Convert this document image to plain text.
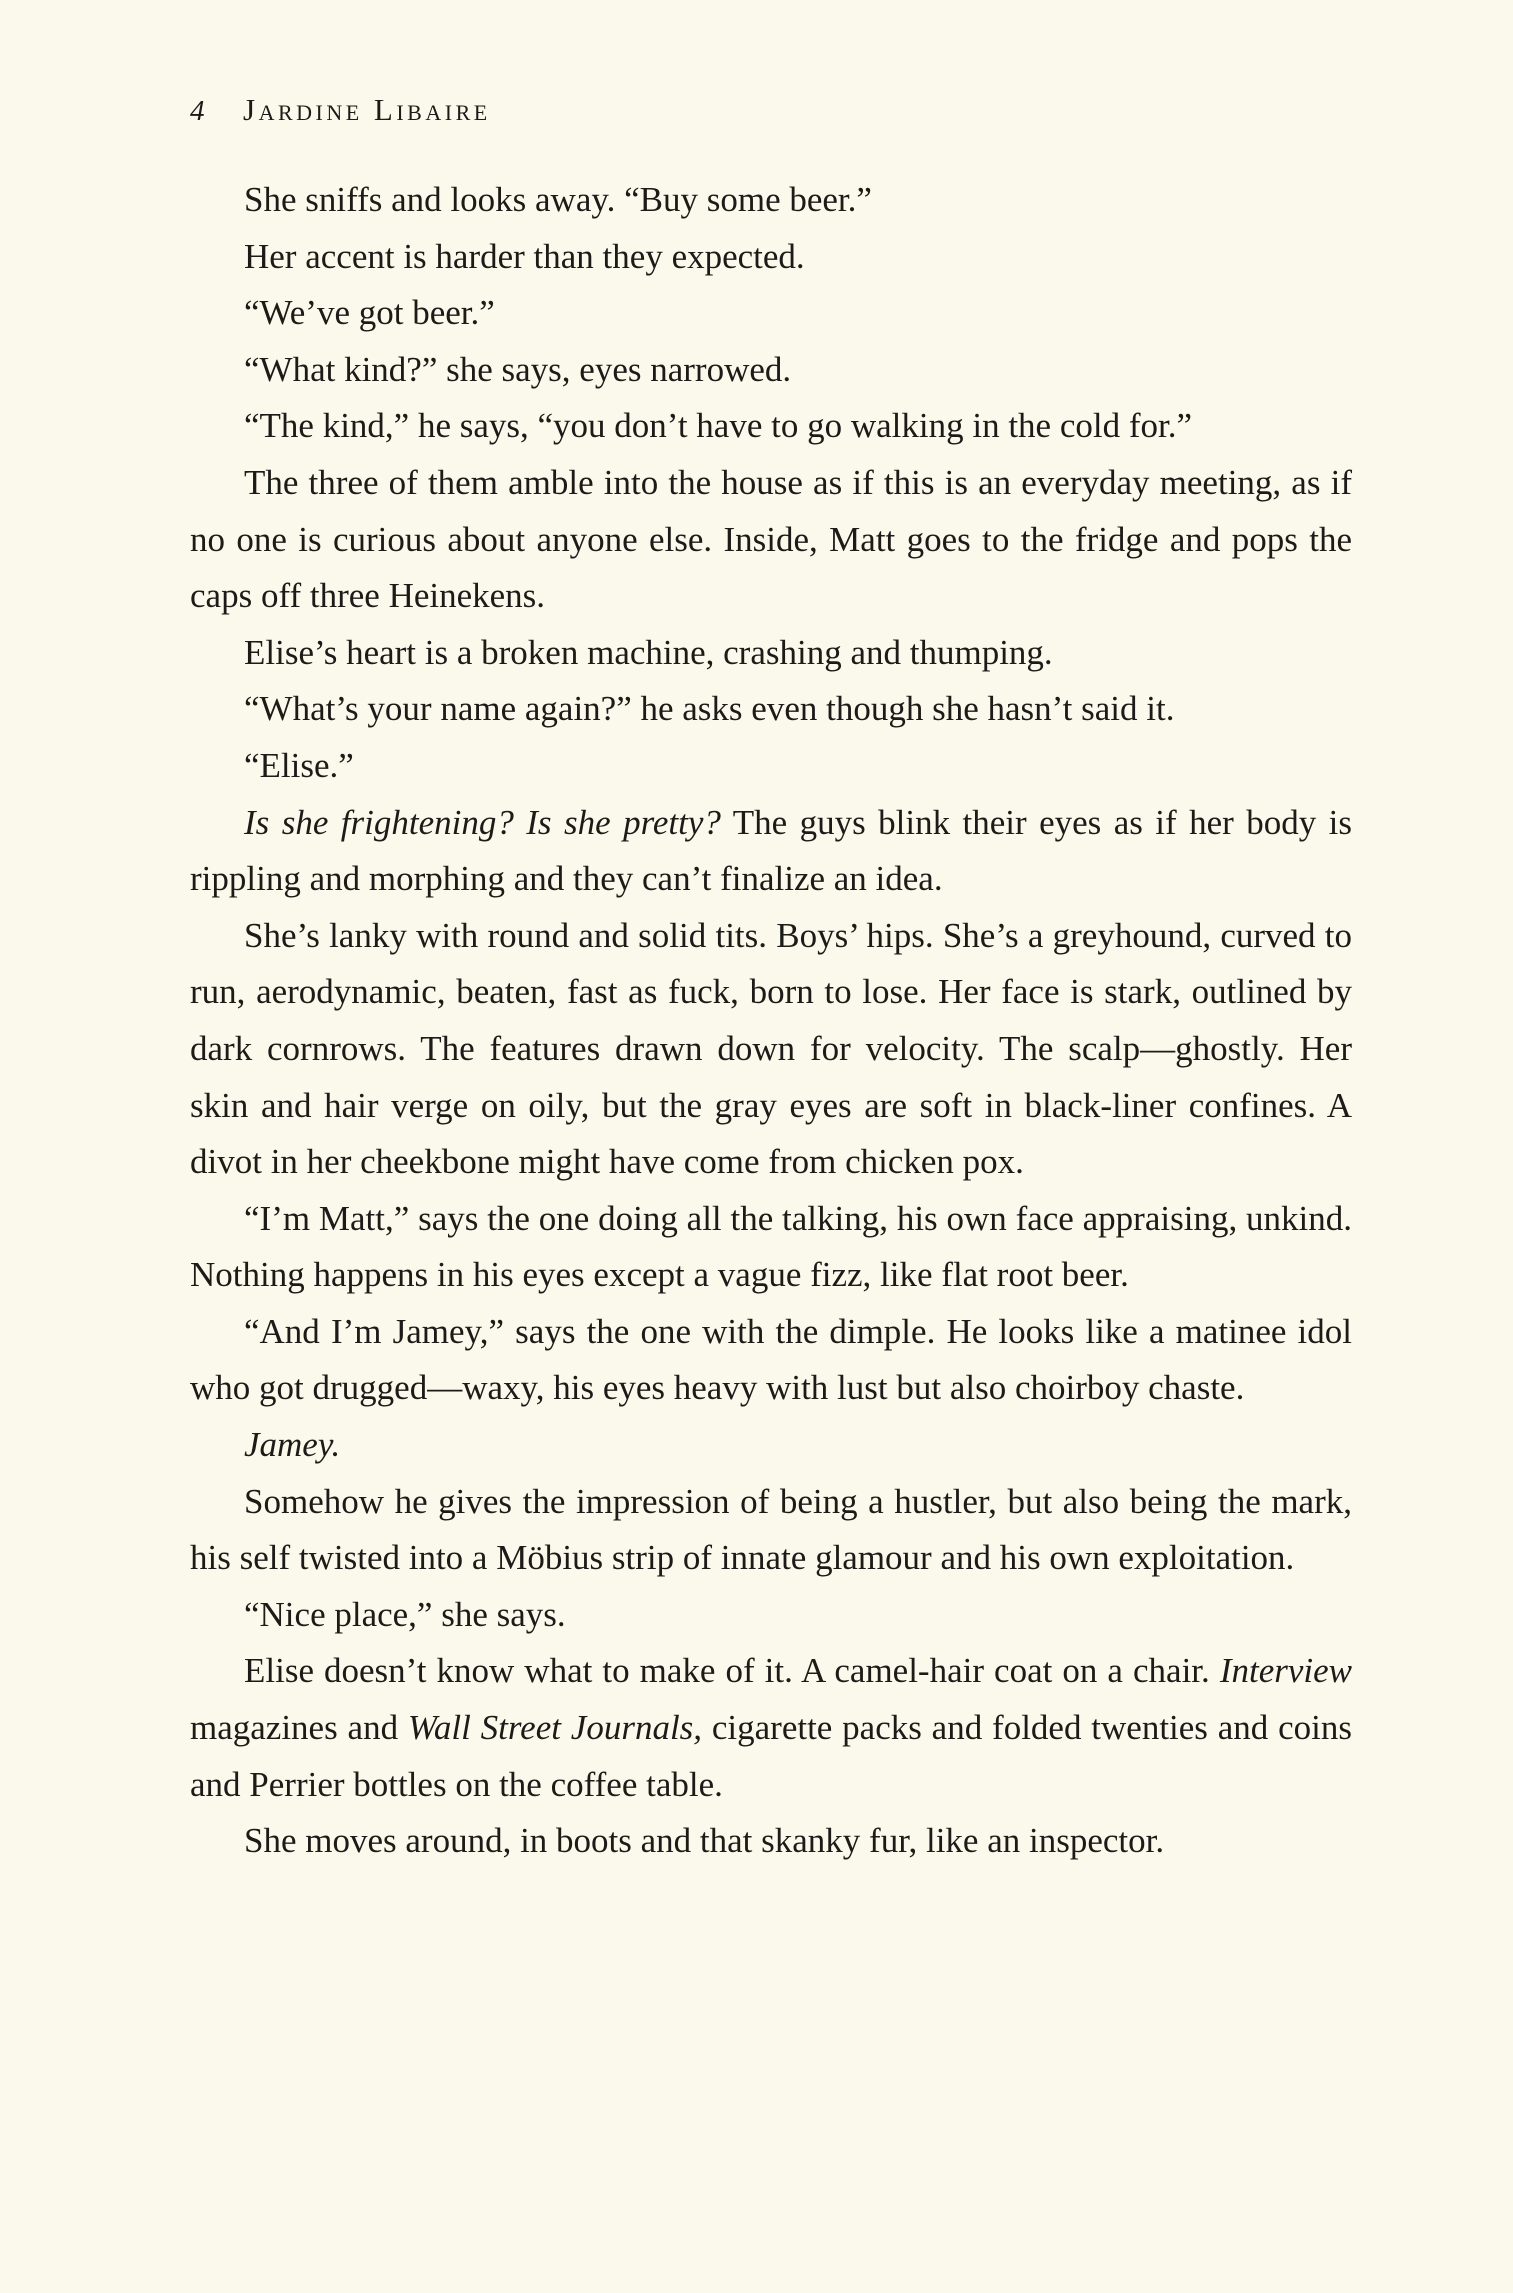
4 Jardine Libaire

She sniffs and looks away. “Buy some beer.”

Her accent is harder than they expected.

“We’ve got beer.”

“What kind?” she says, eyes narrowed.

“The kind,” he says, “you don’t have to go walking in the cold for.”

The three of them amble into the house as if this is an everyday meeting, as if no one is curious about anyone else. Inside, Matt goes to the fridge and pops the caps off three Heinekens.

Elise’s heart is a broken machine, crashing and thumping.

“What’s your name again?” he asks even though she hasn’t said it.

“Elise.”

Is she frightening? Is she pretty? The guys blink their eyes as if her body is rippling and morphing and they can’t finalize an idea.

She’s lanky with round and solid tits. Boys’ hips. She’s a greyhound, curved to run, aerodynamic, beaten, fast as fuck, born to lose. Her face is stark, outlined by dark cornrows. The features drawn down for velocity. The scalp—ghostly. Her skin and hair verge on oily, but the gray eyes are soft in black-liner confines. A divot in her cheekbone might have come from chicken pox.

“I’m Matt,” says the one doing all the talking, his own face appraising, unkind. Nothing happens in his eyes except a vague fizz, like flat root beer.

“And I’m Jamey,” says the one with the dimple. He looks like a matinee idol who got drugged—waxy, his eyes heavy with lust but also choirboy chaste.

Jamey.

Somehow he gives the impression of being a hustler, but also being the mark, his self twisted into a Möbius strip of innate glamour and his own exploitation.

“Nice place,” she says.

Elise doesn’t know what to make of it. A camel-hair coat on a chair. Interview magazines and Wall Street Journals, cigarette packs and folded twenties and coins and Perrier bottles on the coffee table.

She moves around, in boots and that skanky fur, like an inspector.
